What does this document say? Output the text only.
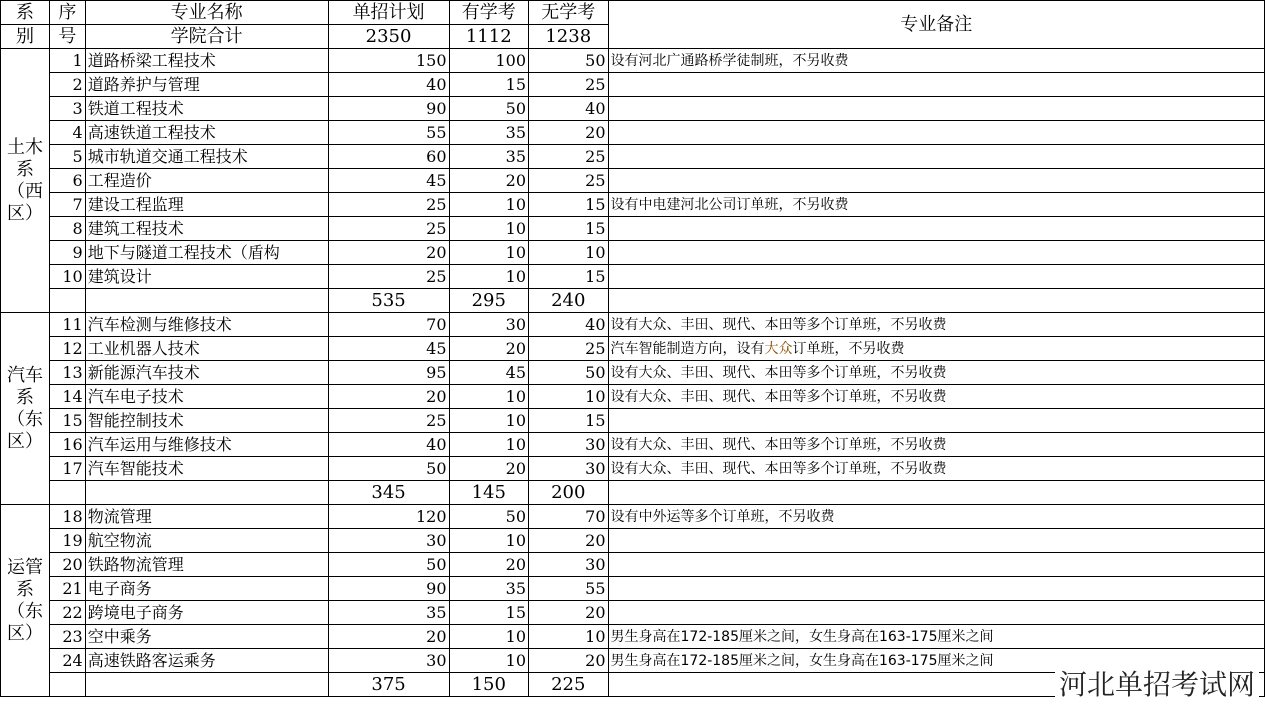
系	序	专业名称	单招计划	有学考	无学考	专业备注
别	号	学院合计	2350	1112	1238	
土木系（西区）	1	道路桥梁工程技术	150	100	50	设有河北广通路桥学徒制班，不另收费
	2	道路养护与管理	40	15	25	
	3	铁道工程技术	90	50	40	
	4	高速铁道工程技术	55	35	20	
	5	城市轨道交通工程技术	60	35	25	
	6	工程造价	45	20	25	
	7	建设工程监理	25	10	15	设有中电建河北公司订单班，不另收费
	8	建筑工程技术	25	10	15	
	9	地下与隧道工程技术（盾构	20	10	10	
	10	建筑设计	25	10	15	
			535	295	240	
汽车系（东区）	11	汽车检测与维修技术	70	30	40	设有大众、丰田、现代、本田等多个订单班，不另收费
	12	工业机器人技术	45	20	25	汽车智能制造方向，设有大众订单班，不另收费
	13	新能源汽车技术	95	45	50	设有大众、丰田、现代、本田等多个订单班，不另收费
	14	汽车电子技术	20	10	10	设有大众、丰田、现代、本田等多个订单班，不另收费
	15	智能控制技术	25	10	15	
	16	汽车运用与维修技术	40	10	30	设有大众、丰田、现代、本田等多个订单班，不另收费
	17	汽车智能技术	50	20	30	设有大众、丰田、现代、本田等多个订单班，不另收费
			345	145	200	
运管系（东区）	18	物流管理	120	50	70	设有中外运等多个订单班，不另收费
	19	航空物流	30	10	20	
	20	铁路物流管理	50	20	30	
	21	电子商务	90	35	55	
	22	跨境电子商务	35	15	20	
	23	空中乘务	20	10	10	男生身高在172-185厘米之间，女生身高在163-175厘米之间
	24	高速铁路客运乘务	30	10	20	男生身高在172-185厘米之间，女生身高在163-175厘米之间
			375	150	225		河北单招考试网
